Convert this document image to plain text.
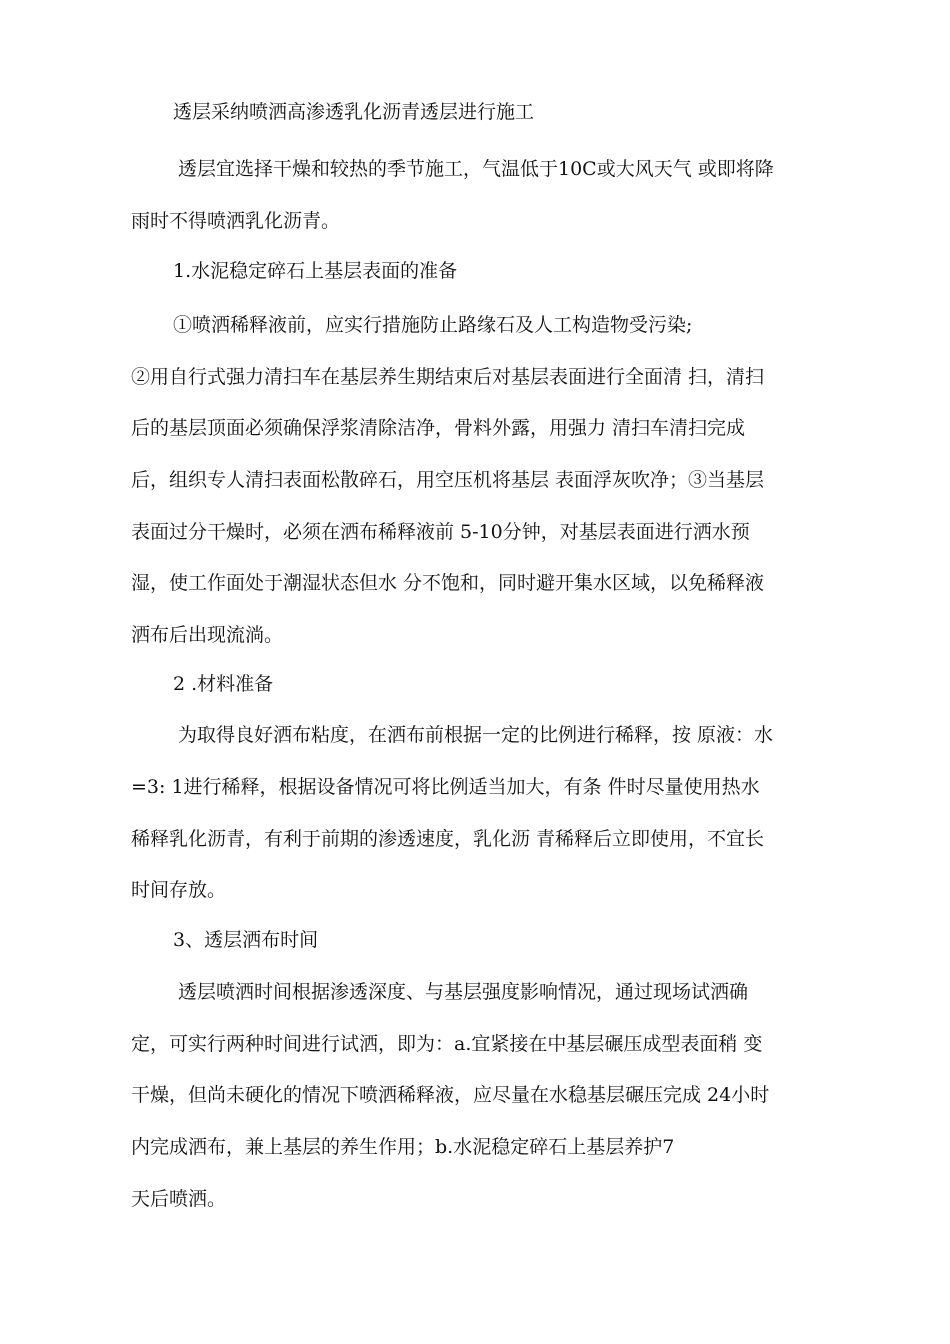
透层采纳喷洒高渗透乳化沥青透层进行施工

透层宜选择干燥和较热的季节施工，气温低于10C或大风天气 或即将降

雨时不得喷洒乳化沥青。

1.水泥稳定碎石上基层表面的准备

①喷洒稀释液前，应实行措施防止路缘石及人工构造物受污染;

②用自行式强力清扫车在基层养生期结束后对基层表面进行全面清 扫，清扫

后的基层顶面必须确保浮浆清除洁净，骨料外露，用强力 清扫车清扫完成

后，组织专人清扫表面松散碎石，用空压机将基层 表面浮灰吹净；③当基层

表面过分干燥时，必须在洒布稀释液前 5-10分钟，对基层表面进行洒水预

湿，使工作面处于潮湿状态但水 分不饱和，同时避开集水区域，以免稀释液

洒布后出现流淌。

2 .材料准备

为取得良好洒布粘度，在洒布前根据一定的比例进行稀释，按 原液：水

=3: 1进行稀释，根据设备情况可将比例适当加大，有条 件时尽量使用热水

稀释乳化沥青，有利于前期的渗透速度，乳化沥 青稀释后立即使用，不宜长

时间存放。

3、透层洒布时间

透层喷洒时间根据渗透深度、与基层强度影响情况，通过现场试洒确

定，可实行两种时间进行试洒，即为：a.宜紧接在中基层碾压成型表面稍 变

干燥，但尚未硬化的情况下喷洒稀释液，应尽量在水稳基层碾压完成 24小时

内完成洒布，兼上基层的养生作用；b.水泥稳定碎石上基层养护7

天后喷洒。
